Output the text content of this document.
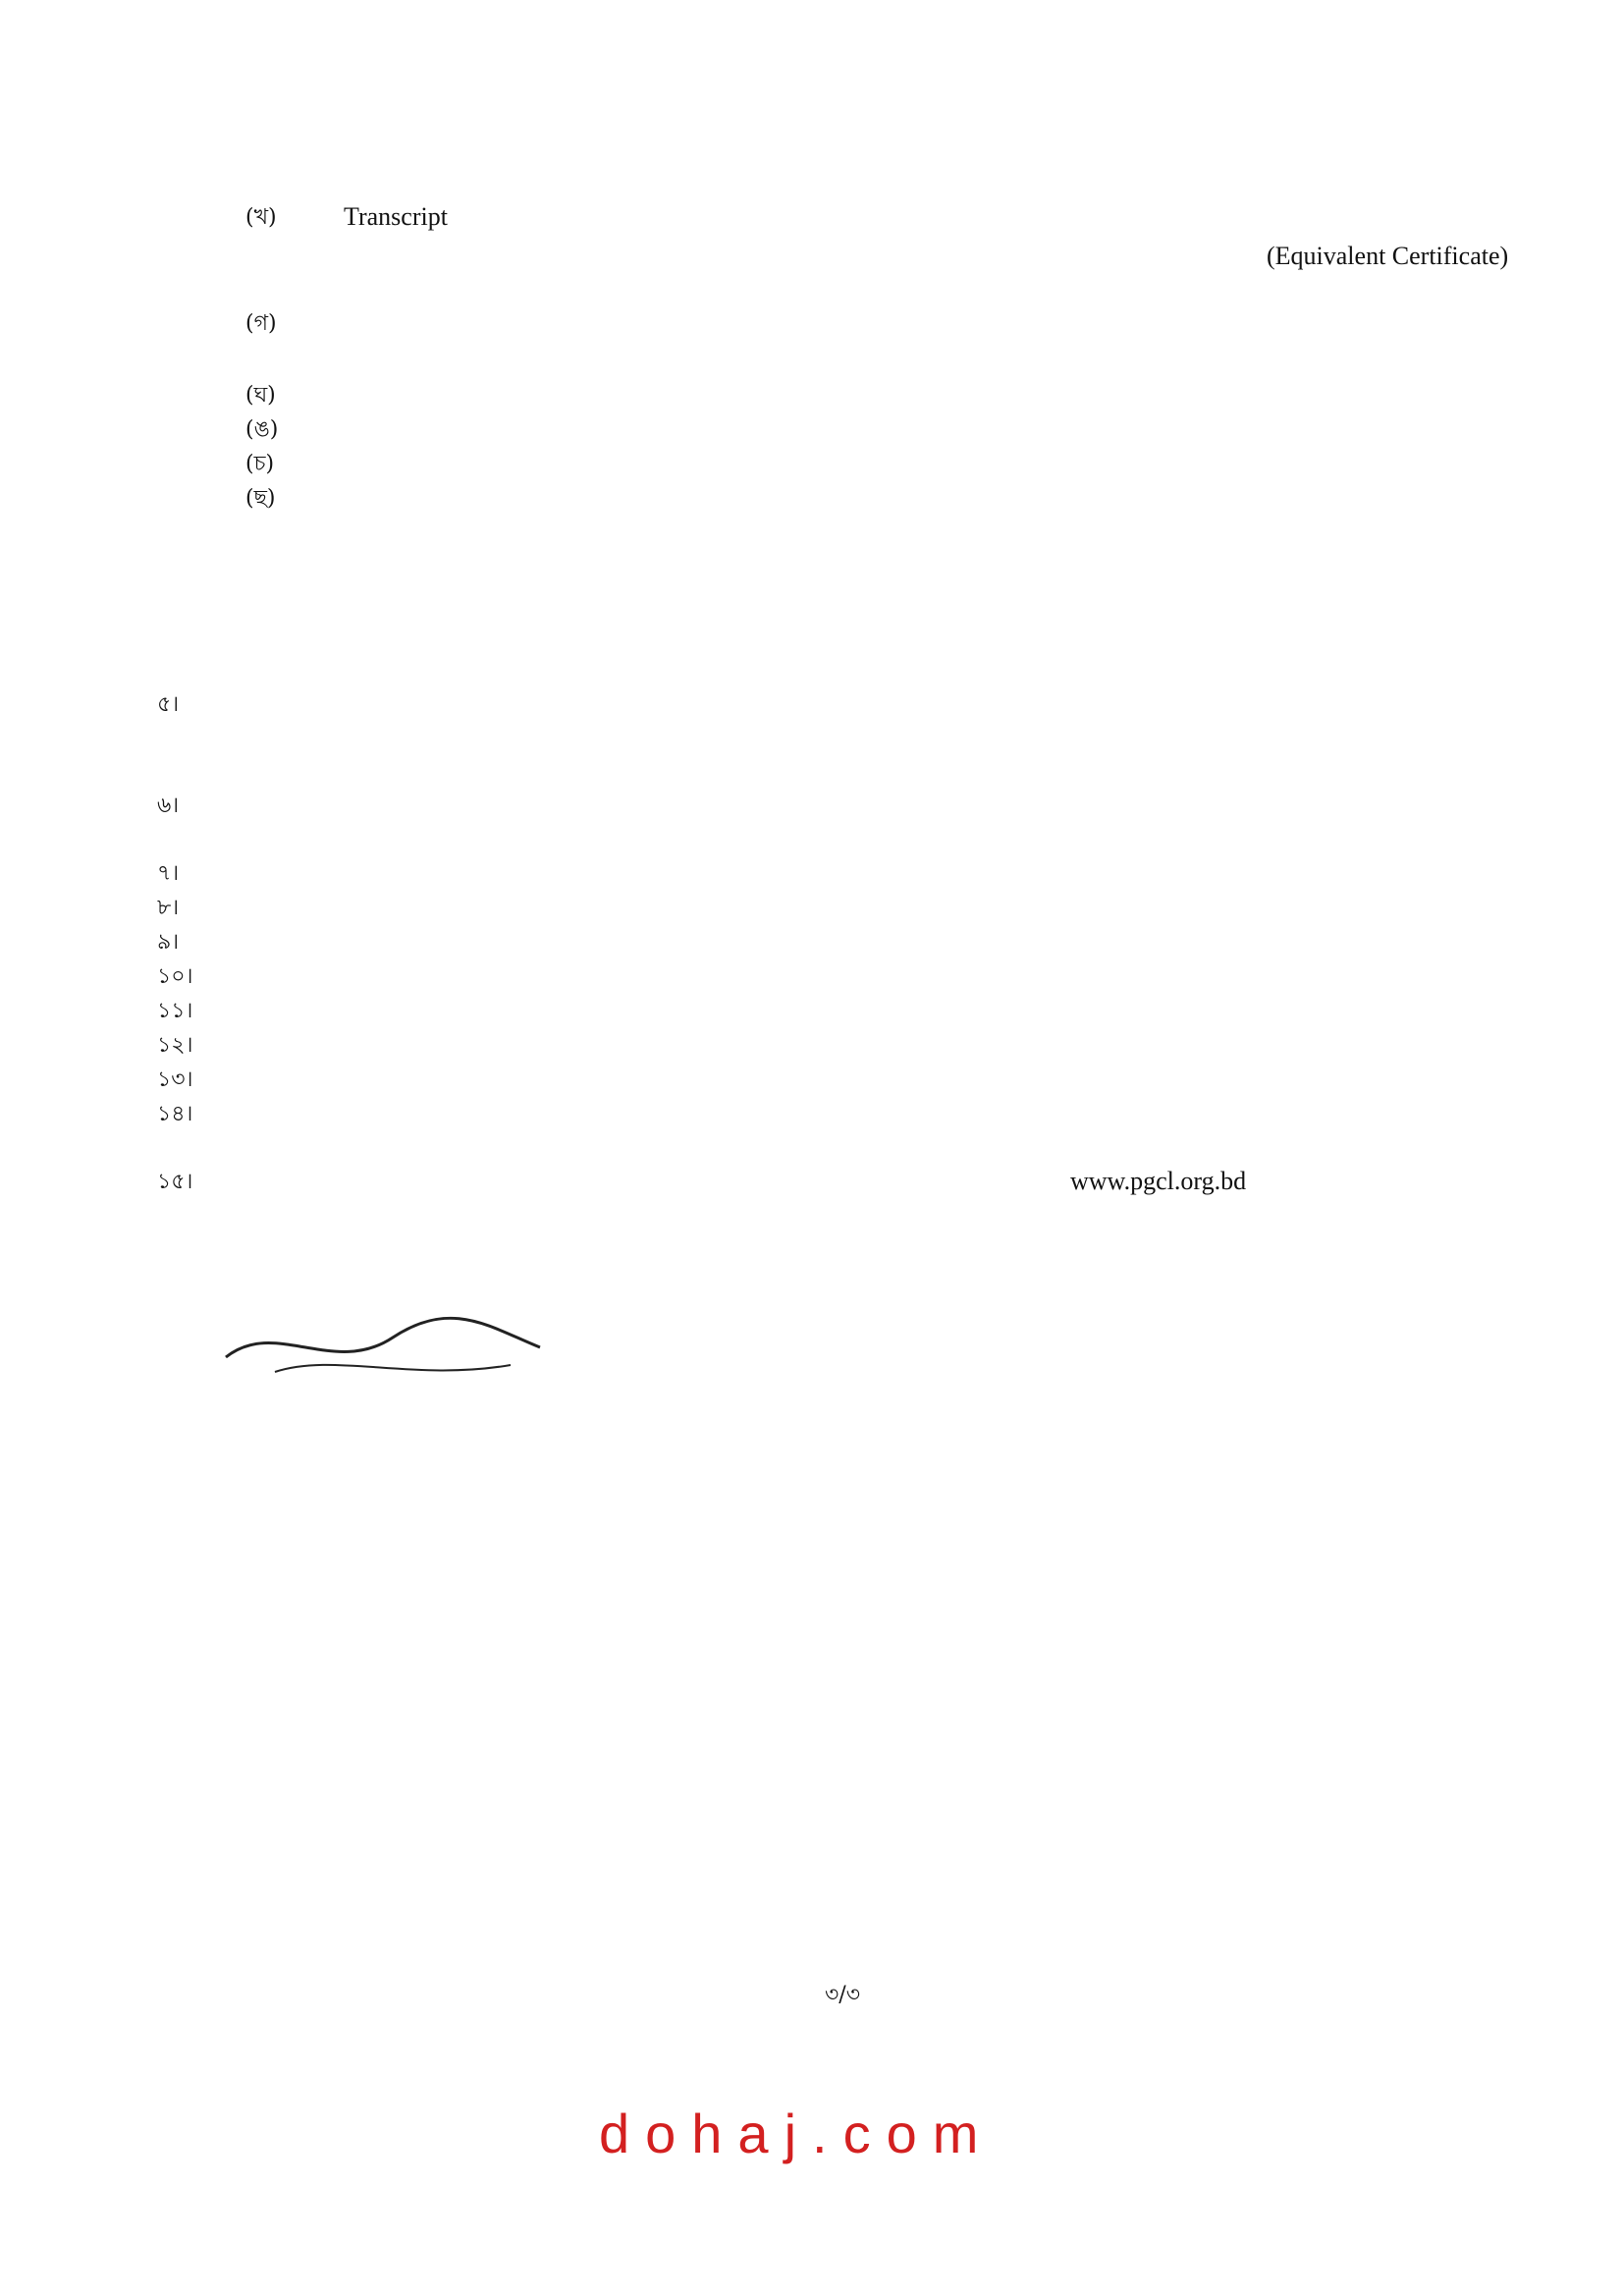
(খ)	Transcript
(Equivalent Certificate)
(গ)
(ঘ)
(ঙ)
(চ)
(ছ)
৫।
৬।
৭।
৮।
৯।
১০।
১১।
১২।
১৩।
১৪।
১৫।	www.pgcl.org.bd
৩/৩
dohaj.com
